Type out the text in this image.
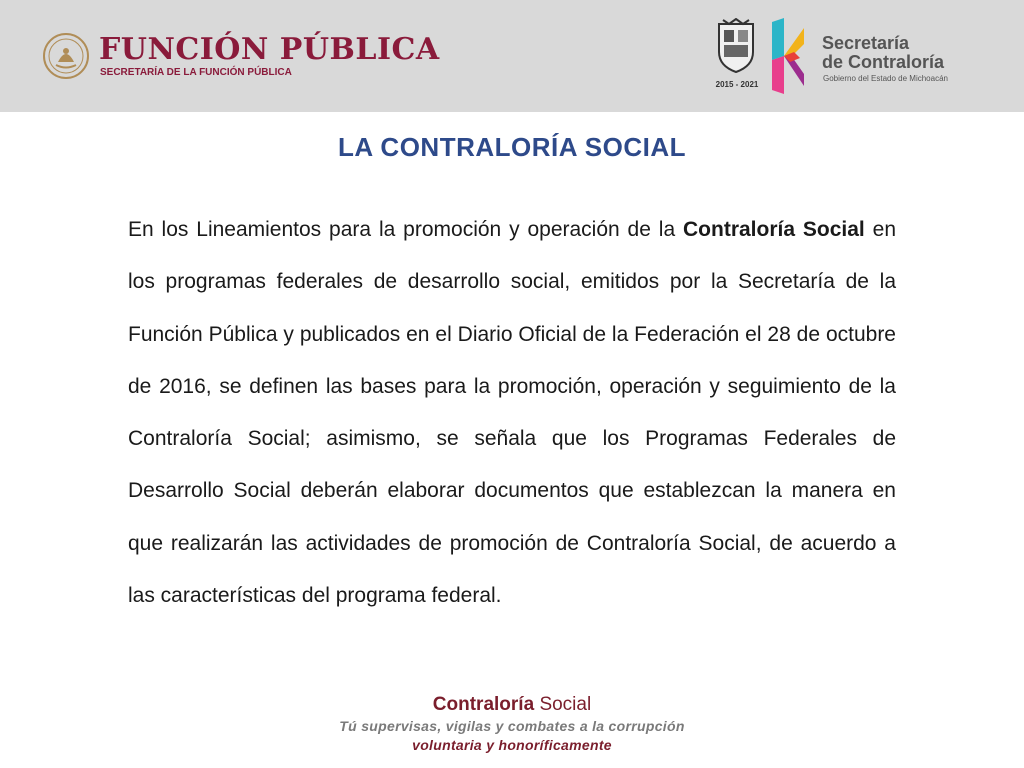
FUNCIÓN PÚBLICA
SECRETARÍA DE LA FUNCIÓN PÚBLICA
2015 - 2021
Secretaría
de Contraloría
Gobierno del Estado de Michoacán
LA CONTRALORÍA SOCIAL
En los Lineamientos para la promoción y operación de la Contraloría Social en los programas federales de desarrollo social, emitidos por la Secretaría de la Función Pública y publicados en el Diario Oficial de la Federación el 28 de octubre de 2016, se definen las bases para la promoción, operación y seguimiento de la Contraloría Social; asimismo, se señala que los Programas Federales de Desarrollo Social deberán elaborar documentos que establezcan la manera en que realizarán las actividades de promoción de Contraloría Social, de acuerdo a las características del programa federal.
Contraloría Social
Tú supervisas, vigilas y combates a la corrupción
voluntaria y honoríficamente
